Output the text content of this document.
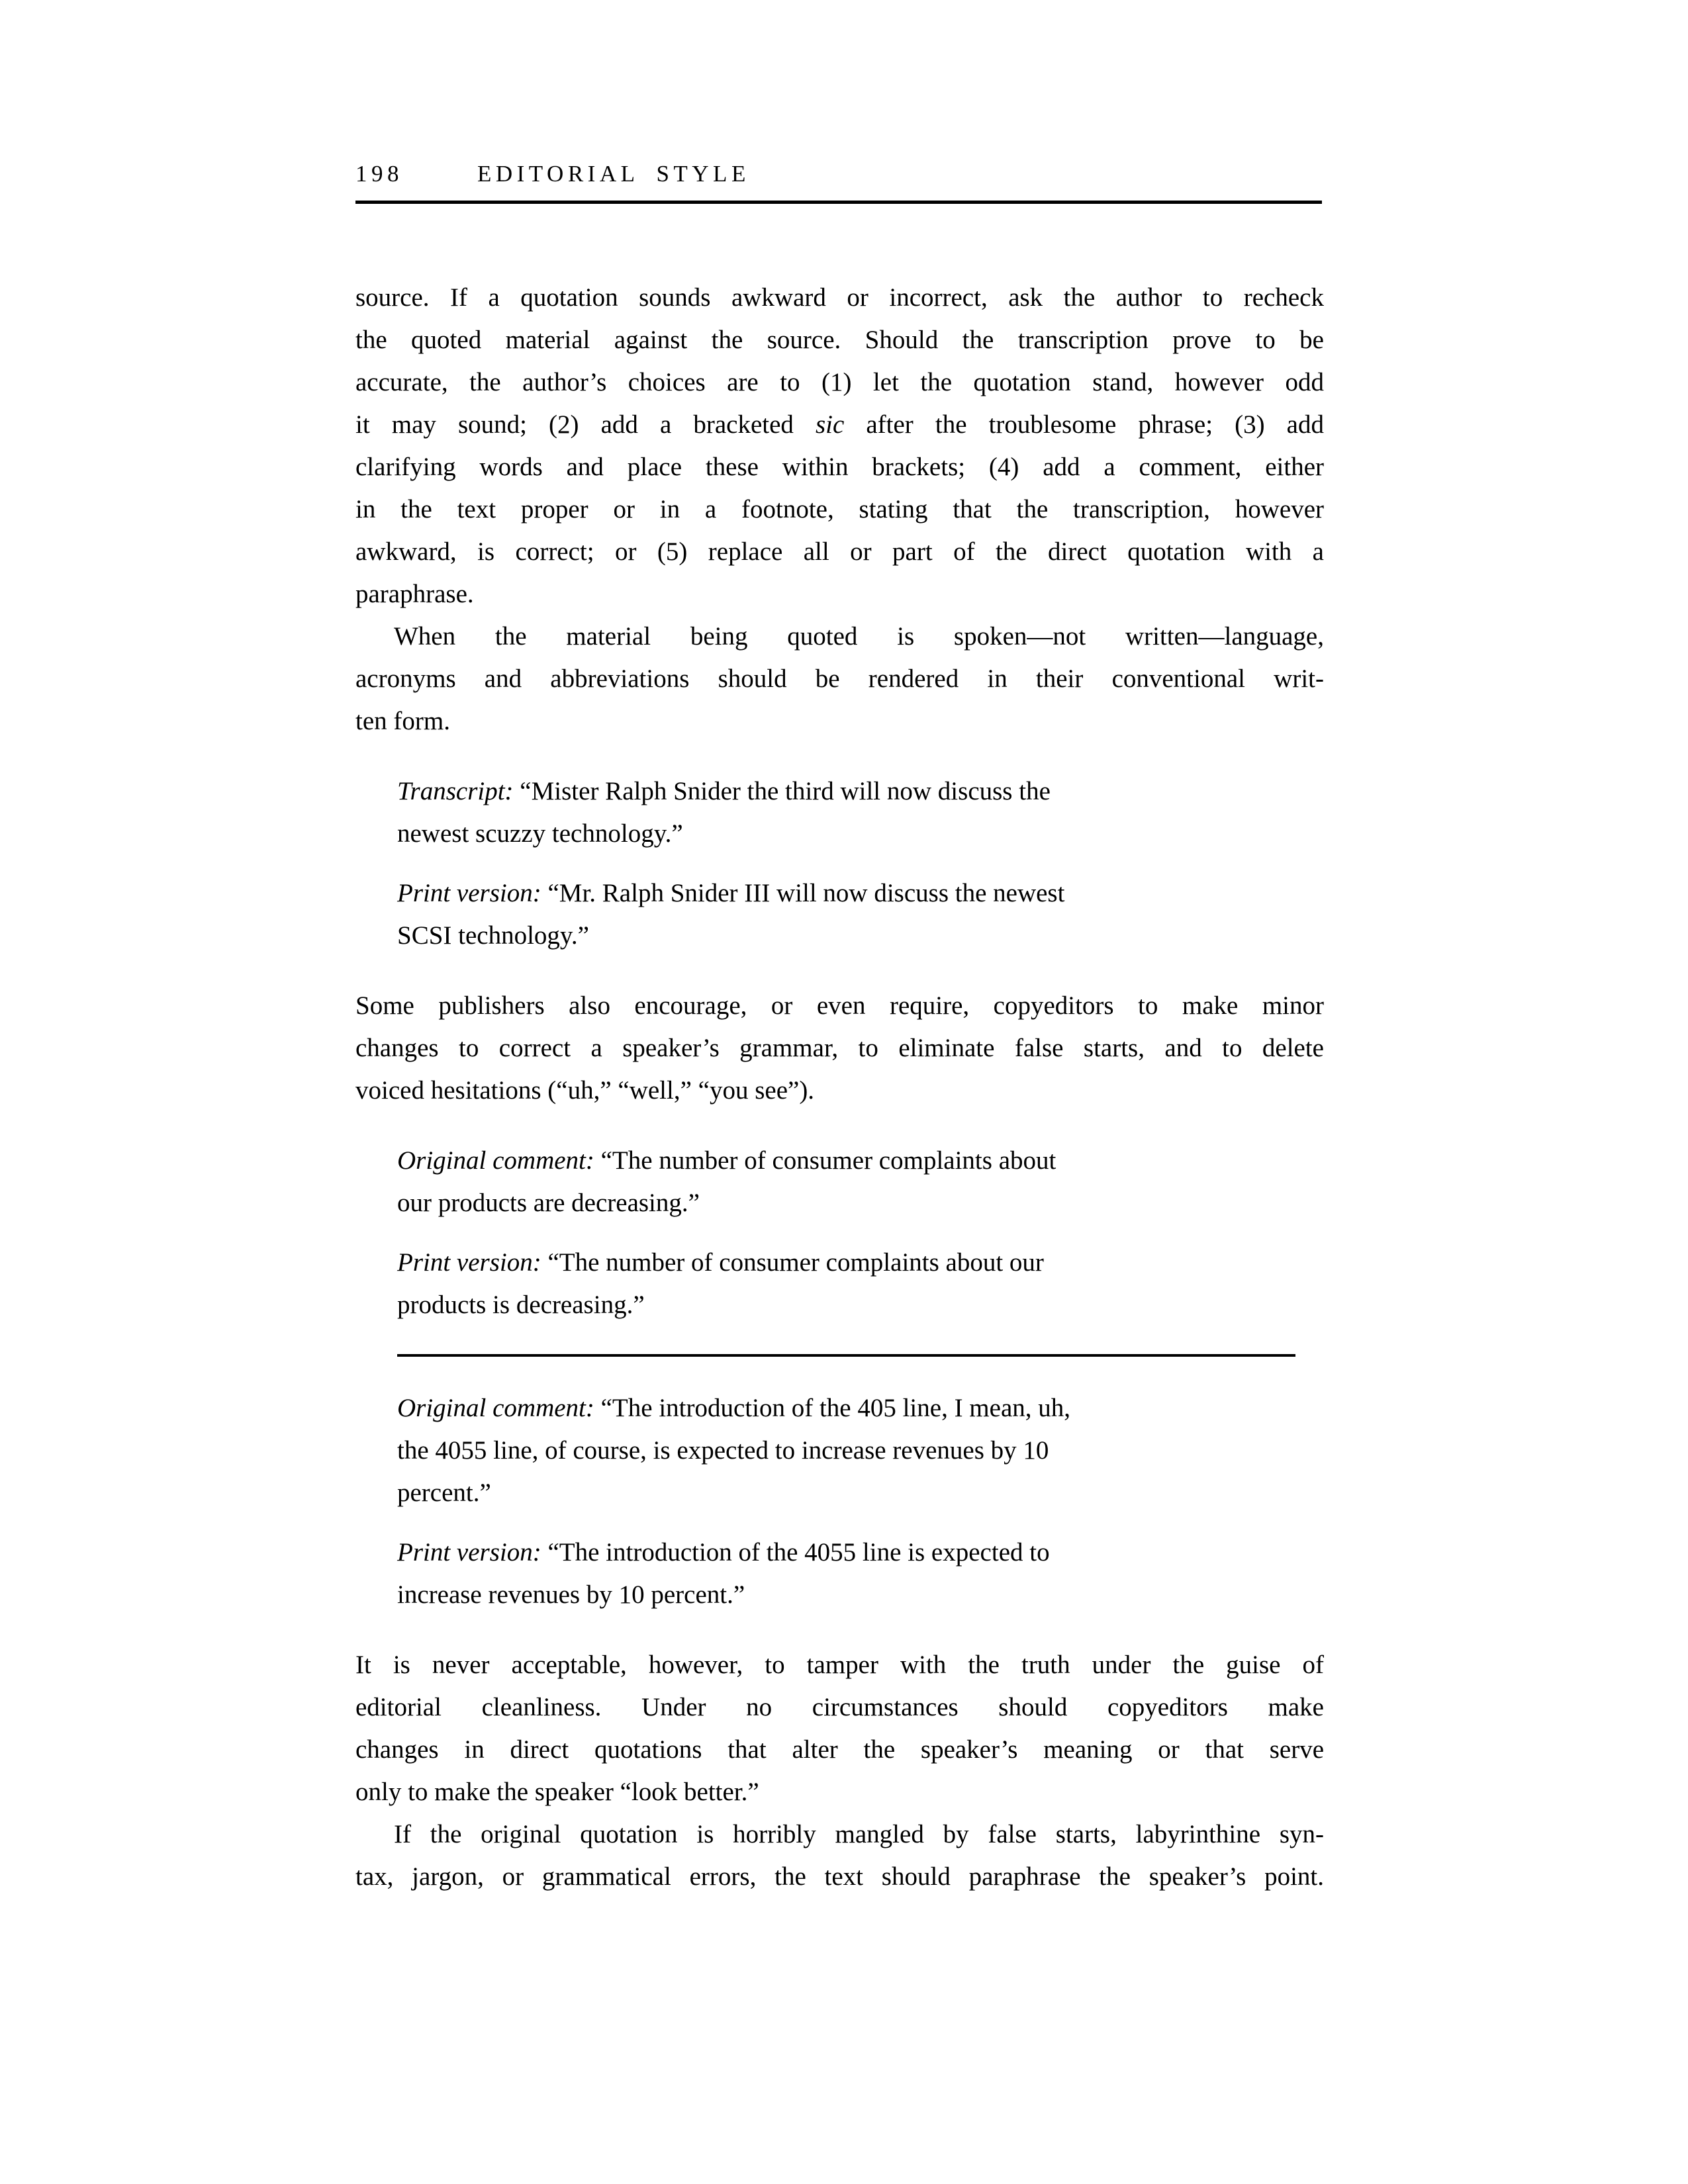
198	EDITORIAL STYLE
source. If a quotation sounds awkward or incorrect, ask the author to recheck
the quoted material against the source. Should the transcription prove to be
accurate, the author’s choices are to (1) let the quotation stand, however odd
it may sound; (2) add a bracketed sic after the troublesome phrase; (3) add
clarifying words and place these within brackets; (4) add a comment, either
in the text proper or in a footnote, stating that the transcription, however
awkward, is correct; or (5) replace all or part of the direct quotation with a
paraphrase.
When the material being quoted is spoken—not written—language,
acronyms and abbreviations should be rendered in their conventional writ-
ten form.
Transcript: “Mister Ralph Snider the third will now discuss the
newest scuzzy technology.”
Print version: “Mr. Ralph Snider III will now discuss the newest
SCSI technology.”
Some publishers also encourage, or even require, copyeditors to make minor
changes to correct a speaker’s grammar, to eliminate false starts, and to delete
voiced hesitations (“uh,” “well,” “you see”).
Original comment: “The number of consumer complaints about
our products are decreasing.”
Print version: “The number of consumer complaints about our
products is decreasing.”
Original comment: “The introduction of the 405 line, I mean, uh,
the 4055 line, of course, is expected to increase revenues by 10
percent.”
Print version: “The introduction of the 4055 line is expected to
increase revenues by 10 percent.”
It is never acceptable, however, to tamper with the truth under the guise of
editorial cleanliness. Under no circumstances should copyeditors make
changes in direct quotations that alter the speaker’s meaning or that serve
only to make the speaker “look better.”
If the original quotation is horribly mangled by false starts, labyrinthine syn-
tax, jargon, or grammatical errors, the text should paraphrase the speaker’s point.
